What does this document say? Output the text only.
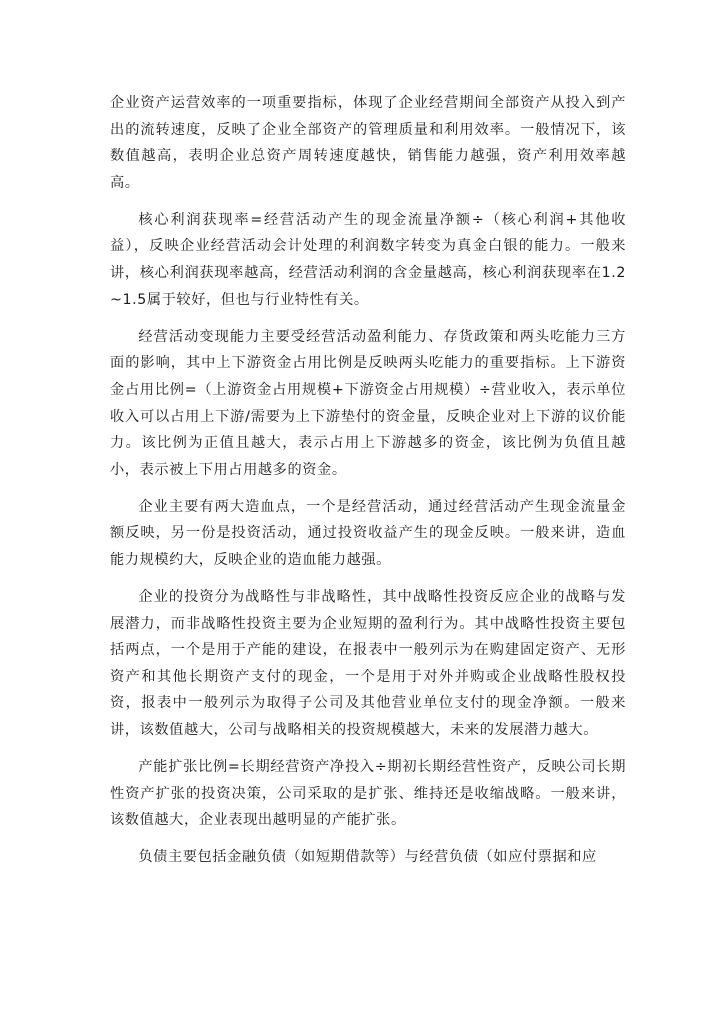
企业资产运营效率的一项重要指标，体现了企业经营期间全部资产从投入到产出的流转速度，反映了企业全部资产的管理质量和利用效率。一般情况下，该数值越高，表明企业总资产周转速度越快，销售能力越强，资产利用效率越高。

核心利润获现率=经营活动产生的现金流量净额÷（核心利润+其他收益），反映企业经营活动会计处理的利润数字转变为真金白银的能力。一般来讲，核心利润获现率越高，经营活动利润的含金量越高，核心利润获现率在1.2~1.5属于较好，但也与行业特性有关。

经营活动变现能力主要受经营活动盈利能力、存货政策和两头吃能力三方面的影响，其中上下游资金占用比例是反映两头吃能力的重要指标。上下游资金占用比例=（上游资金占用规模+下游资金占用规模）÷营业收入，表示单位收入可以占用上下游/需要为上下游垫付的资金量，反映企业对上下游的议价能力。该比例为正值且越大，表示占用上下游越多的资金，该比例为负值且越小，表示被上下用占用越多的资金。

企业主要有两大造血点，一个是经营活动，通过经营活动产生现金流量金额反映，另一份是投资活动，通过投资收益产生的现金反映。一般来讲，造血能力规模约大，反映企业的造血能力越强。

企业的投资分为战略性与非战略性，其中战略性投资反应企业的战略与发展潜力，而非战略性投资主要为企业短期的盈利行为。其中战略性投资主要包括两点，一个是用于产能的建设，在报表中一般列示为在购建固定资产、无形资产和其他长期资产支付的现金，一个是用于对外并购或企业战略性股权投资，报表中一般列示为取得子公司及其他营业单位支付的现金净额。一般来讲，该数值越大，公司与战略相关的投资规模越大，未来的发展潜力越大。

产能扩张比例=长期经营资产净投入÷期初长期经营性资产，反映公司长期性资产扩张的投资决策，公司采取的是扩张、维持还是收缩战略。一般来讲，该数值越大，企业表现出越明显的产能扩张。

负债主要包括金融负债（如短期借款等）与经营负债（如应付票据和应
